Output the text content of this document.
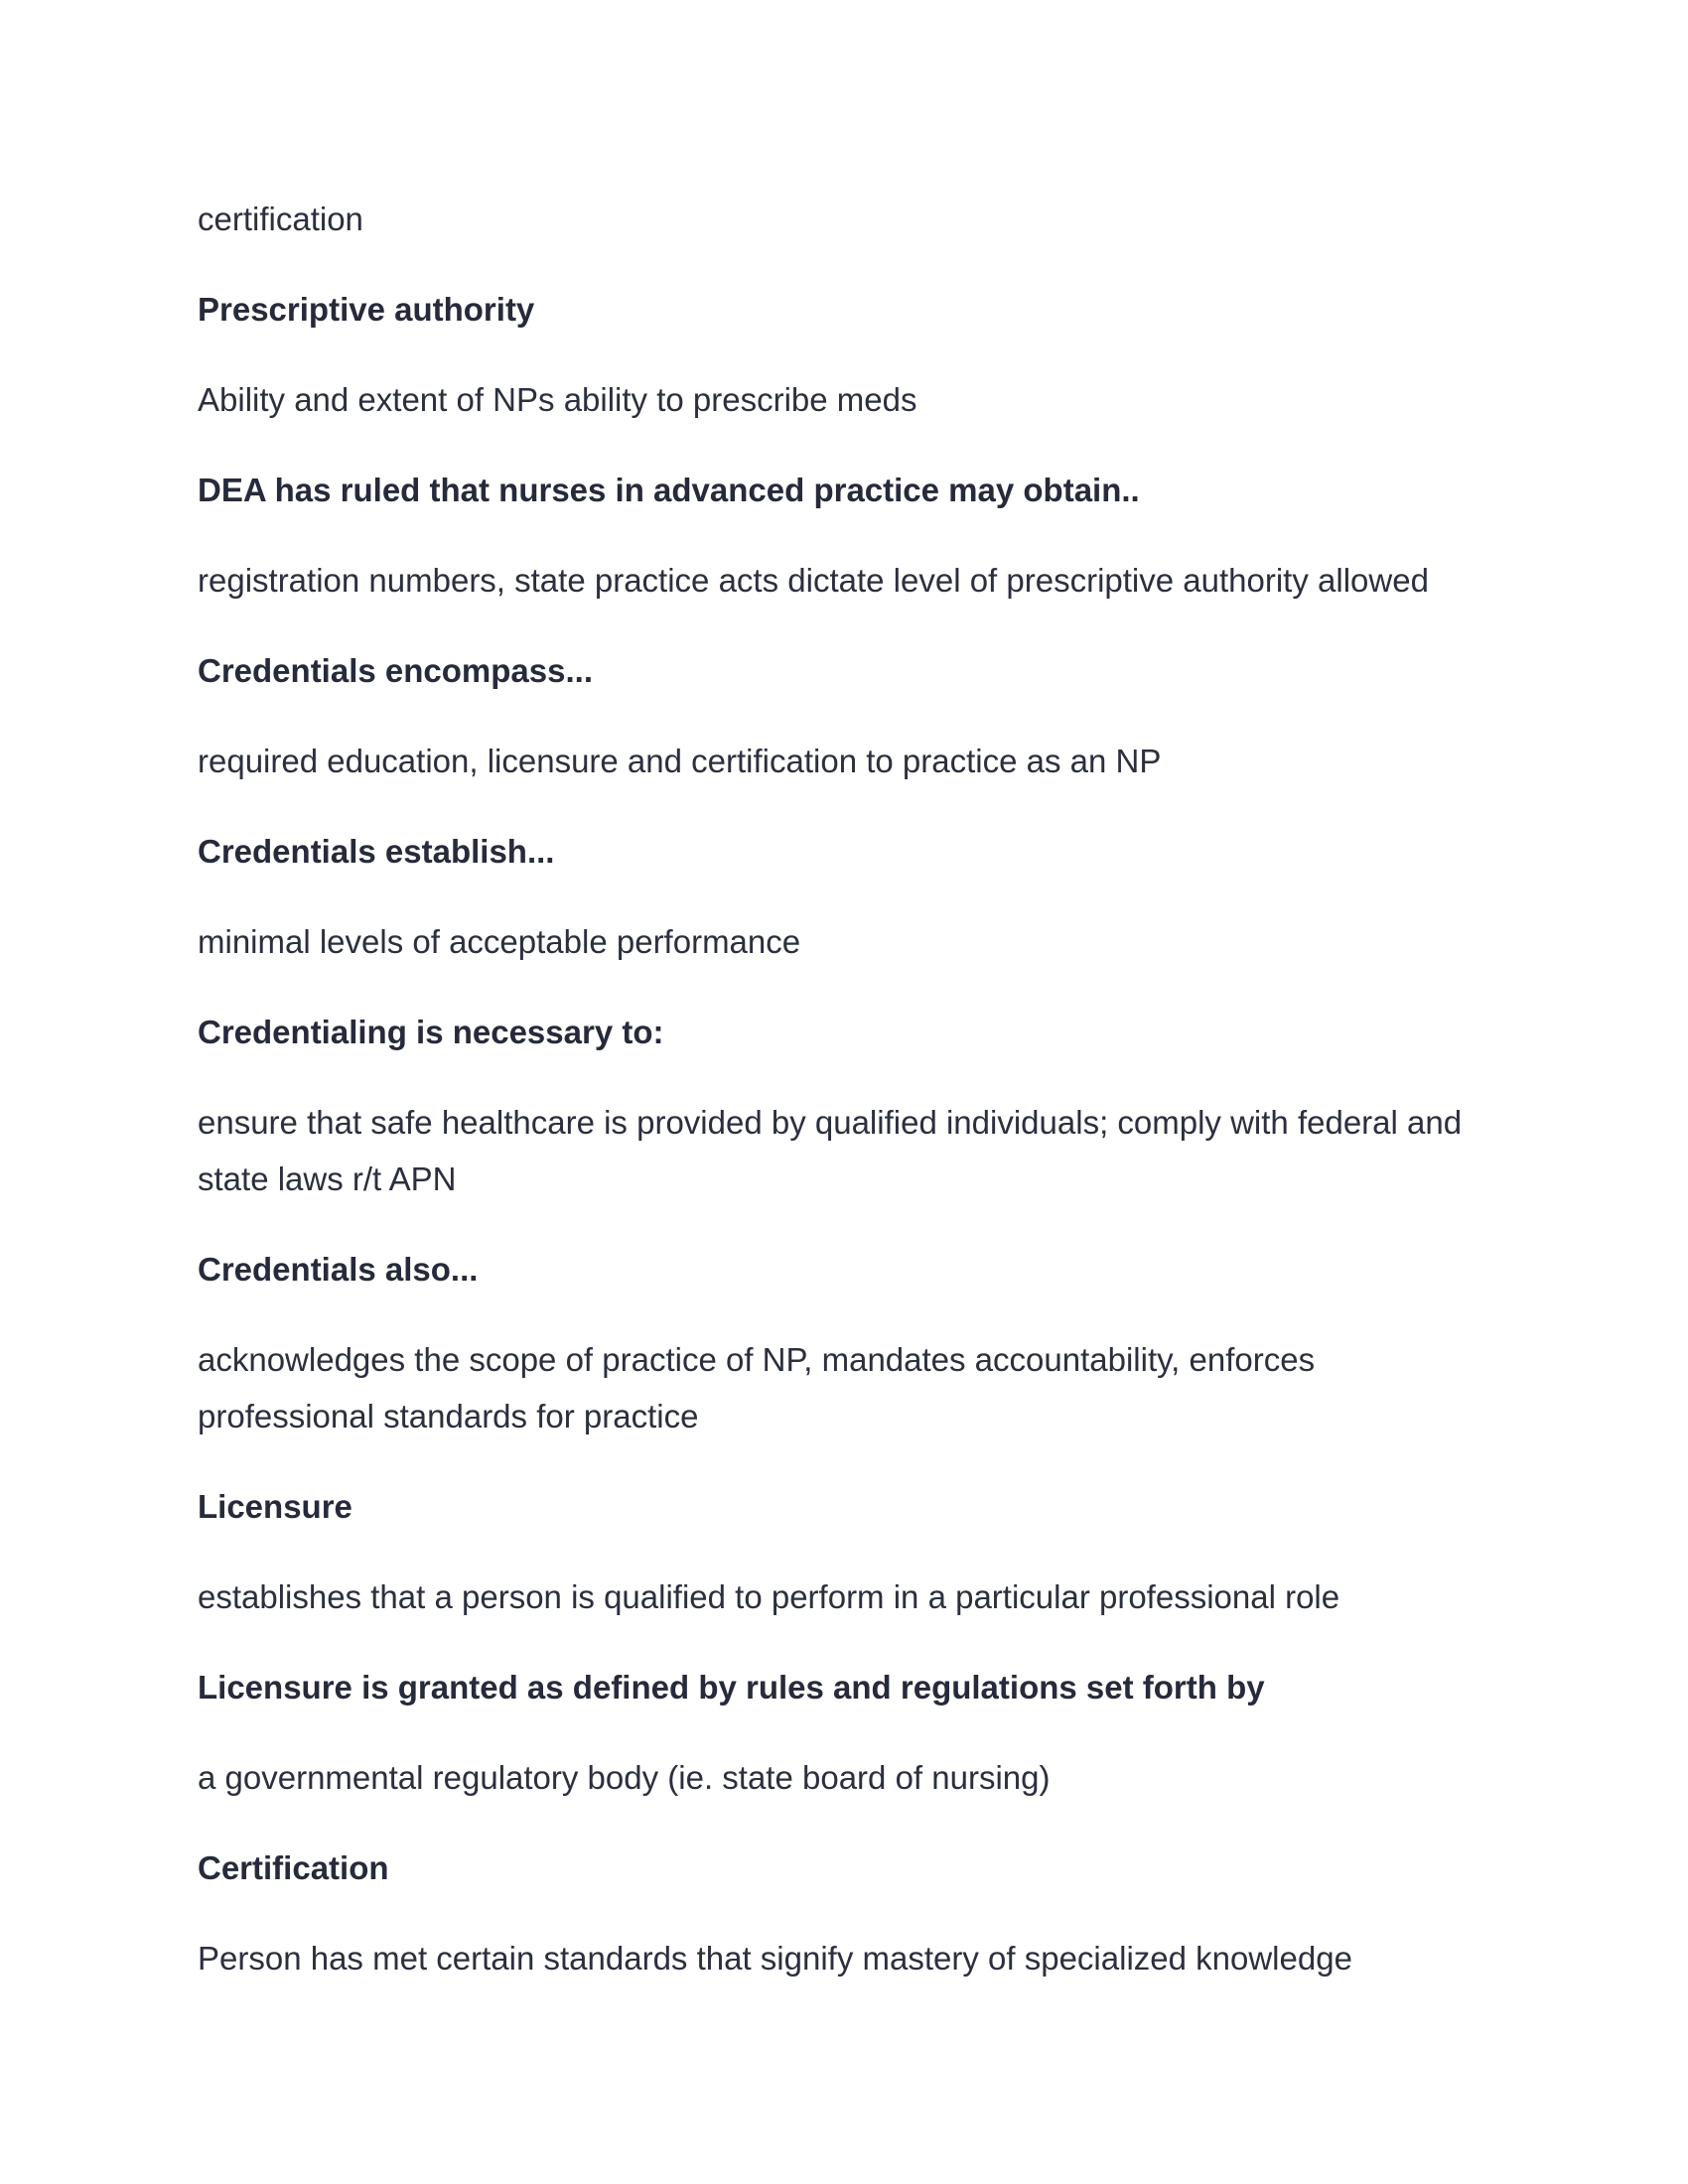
certification
Prescriptive authority
Ability and extent of NPs ability to prescribe meds
DEA has ruled that nurses in advanced practice may obtain..
registration numbers, state practice acts dictate level of prescriptive authority allowed
Credentials encompass...
required education, licensure and certification to practice as an NP
Credentials establish...
minimal levels of acceptable performance
Credentialing is necessary to:
ensure that safe healthcare is provided by qualified individuals; comply with federal and state laws r/t APN
Credentials also...
acknowledges the scope of practice of NP, mandates accountability, enforces professional standards for practice
Licensure
establishes that a person is qualified to perform in a particular professional role
Licensure is granted as defined by rules and regulations set forth by
a governmental regulatory body (ie. state board of nursing)
Certification
Person has met certain standards that signify mastery of specialized knowledge
